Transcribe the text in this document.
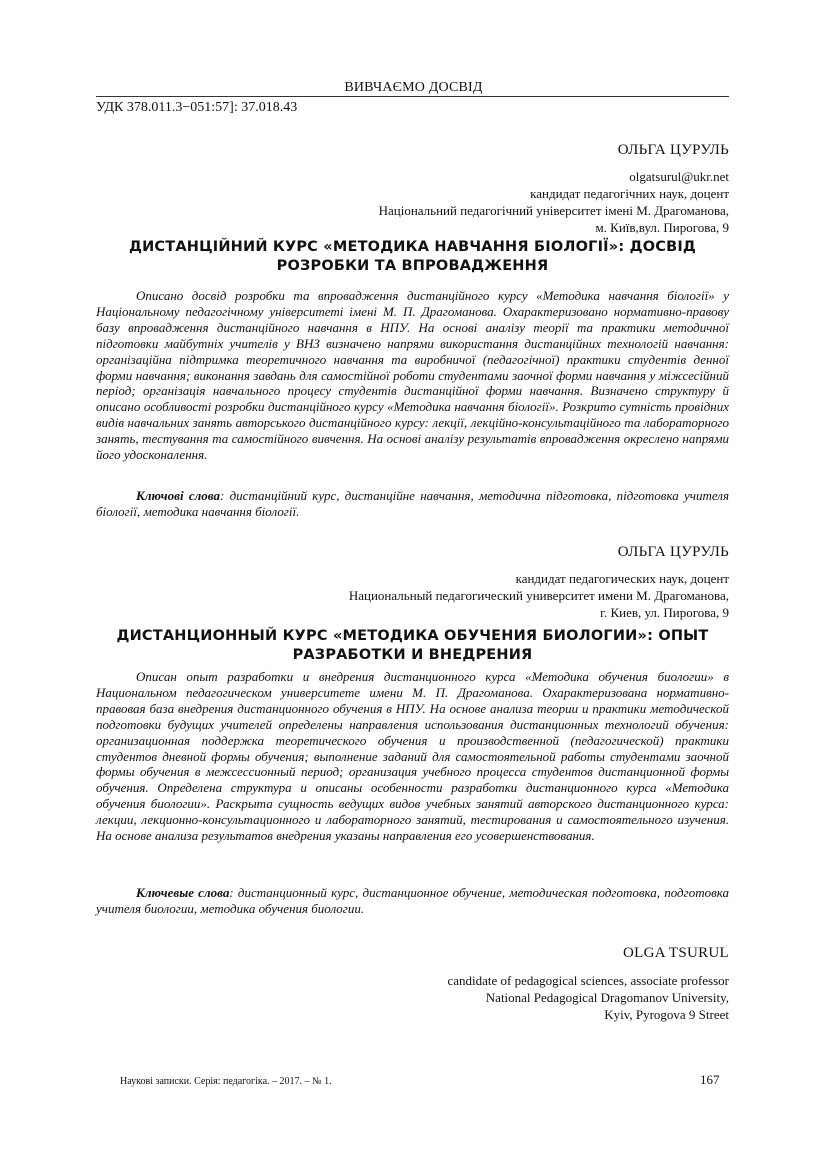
ВИВЧАЄМО ДОСВІД
УДК 378.011.3−051:57]: 37.018.43
ОЛЬГА ЦУРУЛЬ
olgatsurul@ukr.net
кандидат педагогічних наук, доцент
Національний педагогічний університет імені М. Драгоманова,
м. Київ,вул. Пирогова, 9
ДИСТАНЦІЙНИЙ КУРС «МЕТОДИКА НАВЧАННЯ БІОЛОГІЇ»: ДОСВІД РОЗРОБКИ ТА ВПРОВАДЖЕННЯ

Описано досвід розробки та впровадження дистанційного курсу «Методика навчання біології» у Національному педагогічному університеті імені М. П. Драгоманова. Охарактеризовано нормативно-правову базу впровадження дистанційного навчання в НПУ. На основі аналізу теорії та практики методичної підготовки майбутніх учителів у ВНЗ визначено напрями використання дистанційних технологій навчання: організаційна підтримка теоретичного навчання та виробничої (педагогічної) практики студентів денної форми навчання; виконання завдань для самостійної роботи студентами заочної форми навчання у міжсесійний період; організація навчального процесу студентів дистанційної форми навчання. Визначено структуру й описано особливості розробки дистанційного курсу «Методика навчання біології». Розкрито сутність провідних видів навчальних занять авторського дистанційного курсу: лекції, лекційно-консультаційного та лабораторного занять, тестування та самостійного вивчення. На основі аналізу результатів впровадження окреслено напрями його удосконалення.

Ключові слова: дистанційний курс, дистанційне навчання, методична підготовка, підготовка учителя біології, методика навчання біології.

ОЛЬГА ЦУРУЛЬ
кандидат педагогических наук, доцент
Национальный педагогический университет имени М. Драгоманова,
г. Киев, ул. Пирогова, 9
ДИСТАНЦИОННЫЙ КУРС «МЕТОДИКА ОБУЧЕНИЯ БИОЛОГИИ»: ОПЫТ РАЗРАБОТКИ И ВНЕДРЕНИЯ

Описан опыт разработки и внедрения дистанционного курса «Методика обучения биологии» в Национальном педагогическом университете имени М. П. Драгоманова. Охарактеризована нормативно-правовая база внедрения дистанционного обучения в НПУ. На основе анализа теории и практики методической подготовки будущих учителей определены направления использования дистанционных технологий обучения: организационная поддержка теоретического обучения и производственной (педагогической) практики студентов дневной формы обучения; выполнение заданий для самостоятельной работы студентами заочной формы обучения в межсессионный период; организация учебного процесса студентов дистанционной формы обучения. Определена структура и описаны особенности разработки дистанционного курса «Методика обучения биологии». Раскрыта сущность ведущих видов учебных занятий авторского дистанционного курса: лекции, лекционно-консультационного и лабораторного занятий, тестирования и самостоятельного изучения. На основе анализа результатов внедрения указаны направления его усовершенствования.

Ключевые слова: дистанционный курс, дистанционное обучение, методическая подготовка, подготовка учителя биологии, методика обучения биологии.

OLGA TSURUL
candidate of pedagogical sciences, associate professor
National Pedagogical Dragomanov University,
Kyiv, Pyrogova 9 Street
Наукові записки. Серія: педагогіка. – 2017. – № 1.	167
